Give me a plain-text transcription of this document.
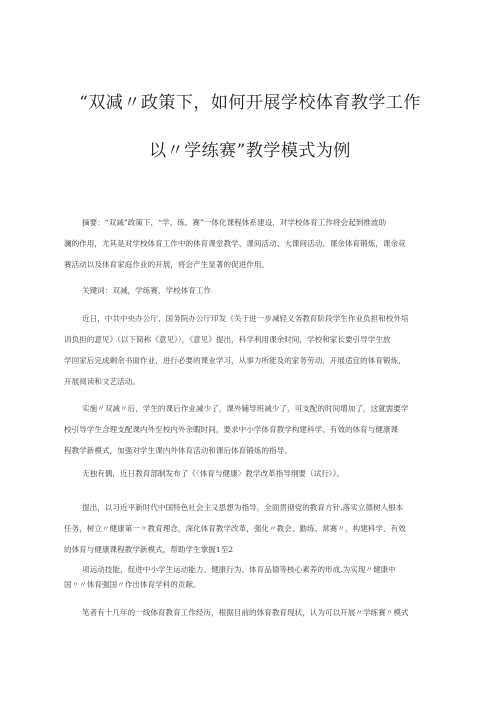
“双减〃政策下，如何开展学校体育教学工作
以〃学练赛”教学模式为例
摘要：“双减”政策下，“学、练、赛”一体化课程体系建设，对学校体育工作将会起到推波助
澜的作用，尤其是对学校体育工作中的体育课堂教学、课间活动、大课间活动、课余体育锻炼，课余竞
赛活动以及体育家庭作业的开展，将会产生显著的促进作用。
关键词：双减，学练赛，学校体育工作
近日，中共中央办公厅、国务院办公厅印发《关于进一步减轻义务教育阶段学生作业负担和校外培
训负担的意见》（以下简称《意见》），《意见》提出，科学利用课余时间，学校和家长要引导学生放
学回家后完成剩余书面作业，进行必要的课业学习，从事力所能及的家务劳动，开展适宜的体育锻炼，
开展阅读和文艺活动。
实施〃双减〃后，学生的课后作业减少了，课外辅导班减少了，可支配的时间增加了，这就需要学
校引导学生合理支配课内外至校内外余暇时间，要求中小学体育教学构建科学、有效的体育与健康课
程教学新模式，加强对学生课内外体育活动和课后体育锻炼的指导。
无独有偶，近日教育部制发布了《〈体育与健康〉教学改革指导纲要（试行）》。
提出，以习近平新时代中国特色社会主义思想为指导，全面贯彻党的教育方针,落实立德树人根本
任务，树立〃健康第一〃教育理念，深化体育教学改革，强化〃教会、勤练、常赛〃，构建科学、有效
的体育与健康课程教学新模式，帮助学生掌握1至2
项运动技能，促进中小学生运动能力、健康行为、体育品德等核心素养的形成,为实现〃健康中
国〃〃体育强国〃作出体育学科的贡献。
笔者有十几年的一线体育教育工作经历，根据目前的体育教育现状，认为可以开展〃学练赛〃模式
